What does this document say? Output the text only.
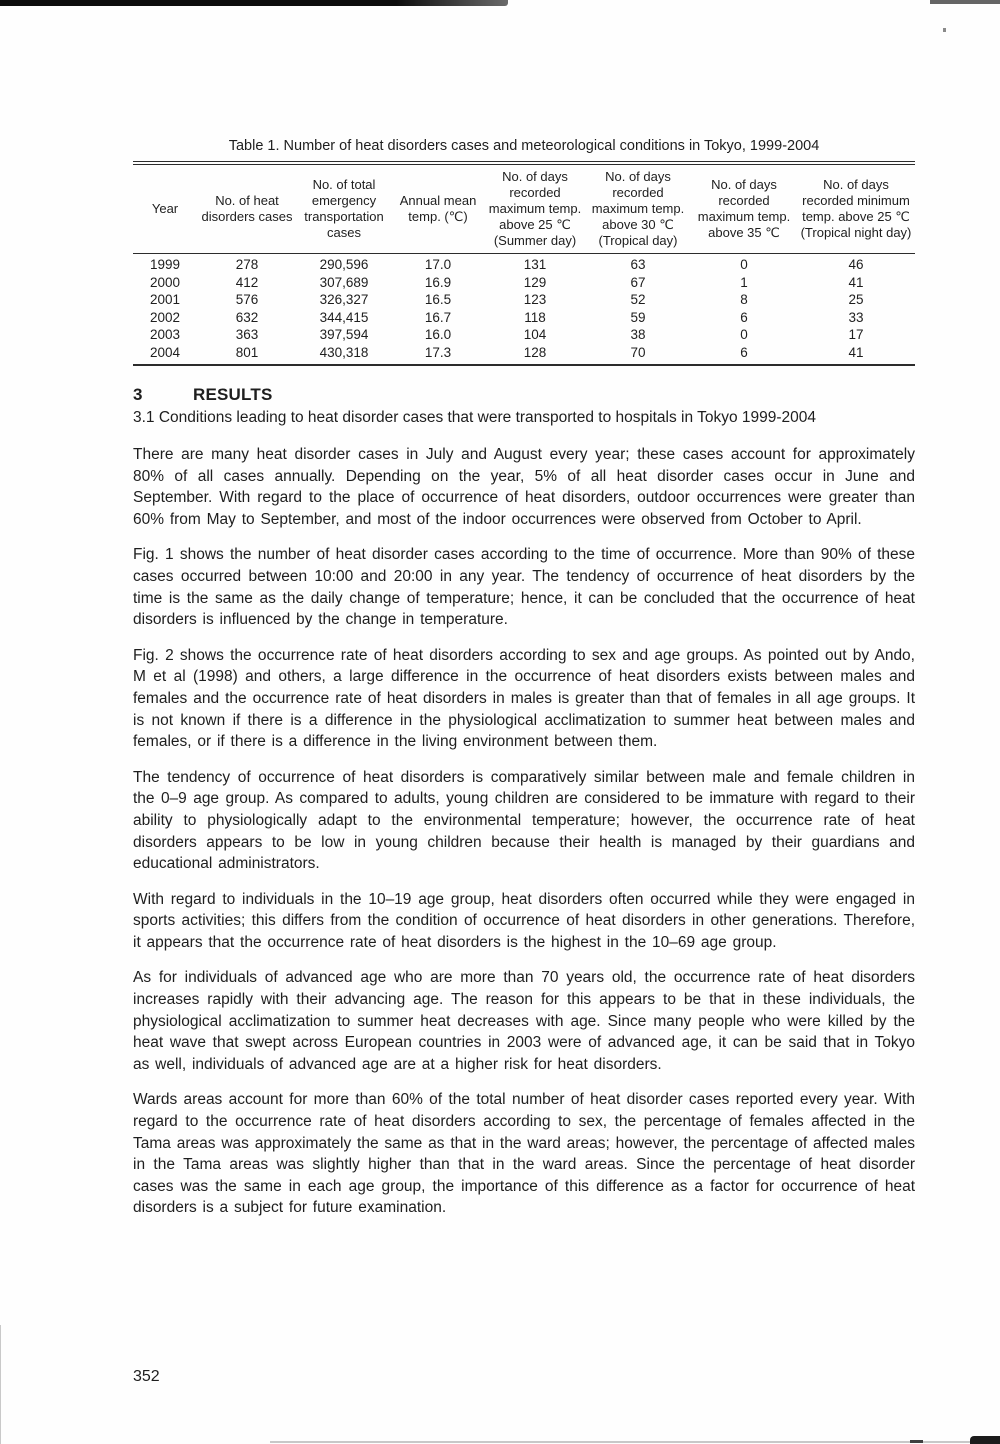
Table 1. Number of heat disorders cases and meteorological conditions in Tokyo, 1999-2004
Year	No. of heat disorders cases	No. of total emergency transportation cases	Annual mean temp. (℃)	No. of days recorded maximum temp. above 25 ℃ (Summer day)	No. of days recorded maximum temp. above 30 ℃ (Tropical day)	No. of days recorded maximum temp. above 35 ℃	No. of days recorded minimum temp. above 25 ℃ (Tropical night day)
1999	278	290,596	17.0	131	63	0	46
2000	412	307,689	16.9	129	67	1	41
2001	576	326,327	16.5	123	52	8	25
2002	632	344,415	16.7	118	59	6	33
2003	363	397,594	16.0	104	38	0	17
2004	801	430,318	17.3	128	70	6	41
3	RESULTS
3.1 Conditions leading to heat disorder cases that were transported to hospitals in Tokyo 1999-2004

There are many heat disorder cases in July and August every year; these cases account for approximately 80% of all cases annually. Depending on the year, 5% of all heat disorder cases occur in June and September. With regard to the place of occurrence of heat disorders, outdoor occurrences were greater than 60% from May to September, and most of the indoor occurrences were observed from October to April.

Fig. 1 shows the number of heat disorder cases according to the time of occurrence. More than 90% of these cases occurred between 10:00 and 20:00 in any year. The tendency of occurrence of heat disorders by the time is the same as the daily change of temperature; hence, it can be concluded that the occurrence of heat disorders is influenced by the change in temperature.

Fig. 2 shows the occurrence rate of heat disorders according to sex and age groups. As pointed out by Ando, M et al (1998) and others, a large difference in the occurrence of heat disorders exists between males and females and the occurrence rate of heat disorders in males is greater than that of females in all age groups. It is not known if there is a difference in the physiological acclimatization to summer heat between males and females, or if there is a difference in the living environment between them.

The tendency of occurrence of heat disorders is comparatively similar between male and female children in the 0–9 age group. As compared to adults, young children are considered to be immature with regard to their ability to physiologically adapt to the environmental temperature; however, the occurrence rate of heat disorders appears to be low in young children because their health is managed by their guardians and educational administrators.

With regard to individuals in the 10–19 age group, heat disorders often occurred while they were engaged in sports activities; this differs from the condition of occurrence of heat disorders in other generations. Therefore, it appears that the occurrence rate of heat disorders is the highest in the 10–69 age group.

As for individuals of advanced age who are more than 70 years old, the occurrence rate of heat disorders increases rapidly with their advancing age. The reason for this appears to be that in these individuals, the physiological acclimatization to summer heat decreases with age. Since many people who were killed by the heat wave that swept across European countries in 2003 were of advanced age, it can be said that in Tokyo as well, individuals of advanced age are at a higher risk for heat disorders.

Wards areas account for more than 60% of the total number of heat disorder cases reported every year. With regard to the occurrence rate of heat disorders according to sex, the percentage of females affected in the Tama areas was approximately the same as that in the ward areas; however, the percentage of affected males in the Tama areas was slightly higher than that in the ward areas. Since the percentage of heat disorder cases was the same in each age group, the importance of this difference as a factor for occurrence of heat disorders is a subject for future examination.

352
